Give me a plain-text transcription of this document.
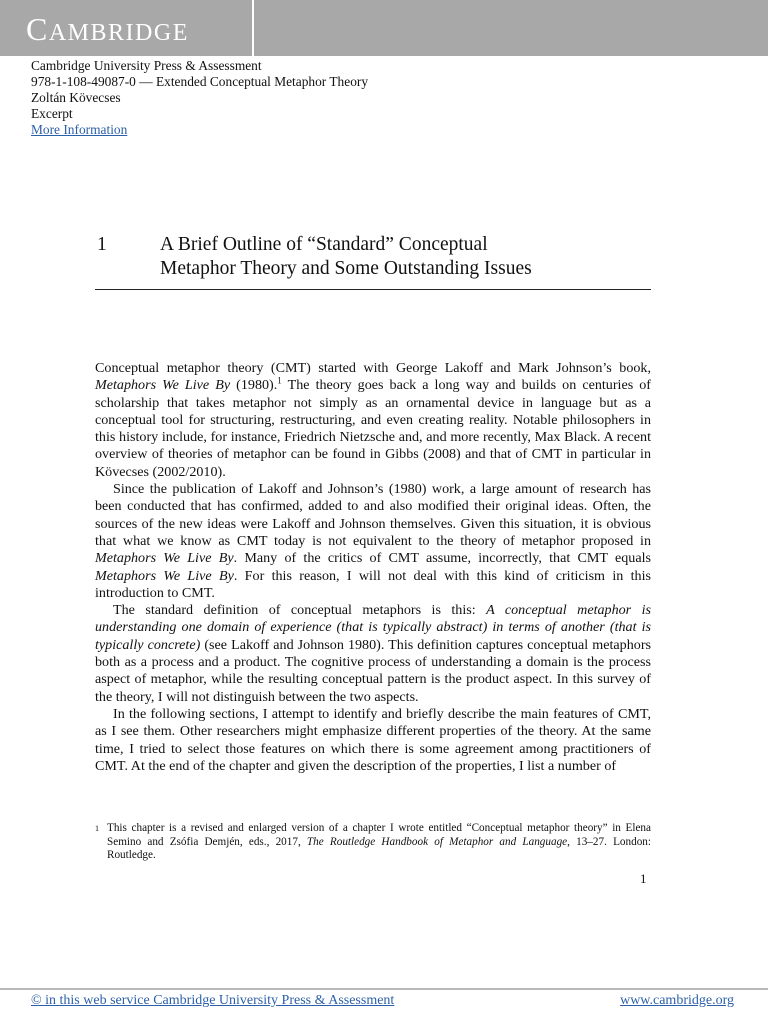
CAMBRIDGE
Cambridge University Press & Assessment
978-1-108-49087-0 — Extended Conceptual Metaphor Theory
Zoltán Kövecses
Excerpt
More Information
1	A Brief Outline of “Standard” Conceptual
Metaphor Theory and Some Outstanding Issues

Conceptual metaphor theory (CMT) started with George Lakoff and Mark Johnson’s book, Metaphors We Live By (1980).$^1$ The theory goes back a long way and builds on centuries of scholarship that takes metaphor not simply as an ornamental device in language but as a conceptual tool for structuring, restructuring, and even creating reality. Notable philosophers in this history include, for instance, Friedrich Nietzsche and, and more recently, Max Black. A recent overview of theories of metaphor can be found in Gibbs (2008) and that of CMT in particular in Kövecses (2002/2010).

Since the publication of Lakoff and Johnson’s (1980) work, a large amount of research has been conducted that has confirmed, added to and also modified their original ideas. Often, the sources of the new ideas were Lakoff and Johnson themselves. Given this situation, it is obvious that what we know as CMT today is not equivalent to the theory of metaphor proposed in Metaphors We Live By. Many of the critics of CMT assume, incorrectly, that CMT equals Metaphors We Live By. For this reason, I will not deal with this kind of criticism in this introduction to CMT.

The standard definition of conceptual metaphors is this: A conceptual metaphor is understanding one domain of experience (that is typically abstract) in terms of another (that is typically concrete) (see Lakoff and Johnson 1980). This definition captures conceptual metaphors both as a process and a product. The cognitive process of understanding a domain is the process aspect of metaphor, while the resulting conceptual pattern is the product aspect. In this survey of the theory, I will not distinguish between the two aspects.

In the following sections, I attempt to identify and briefly describe the main features of CMT, as I see them. Other researchers might emphasize different properties of the theory. At the same time, I tried to select those features on which there is some agreement among practitioners of CMT. At the end of the chapter and given the description of the properties, I list a number of

1 This chapter is a revised and enlarged version of a chapter I wrote entitled “Conceptual metaphor theory” in Elena Semino and Zsófia Demjén, eds., 2017, The Routledge Handbook of Metaphor and Language, 13–27. London: Routledge.
1
© in this web service Cambridge University Press & Assessment	www.cambridge.org
